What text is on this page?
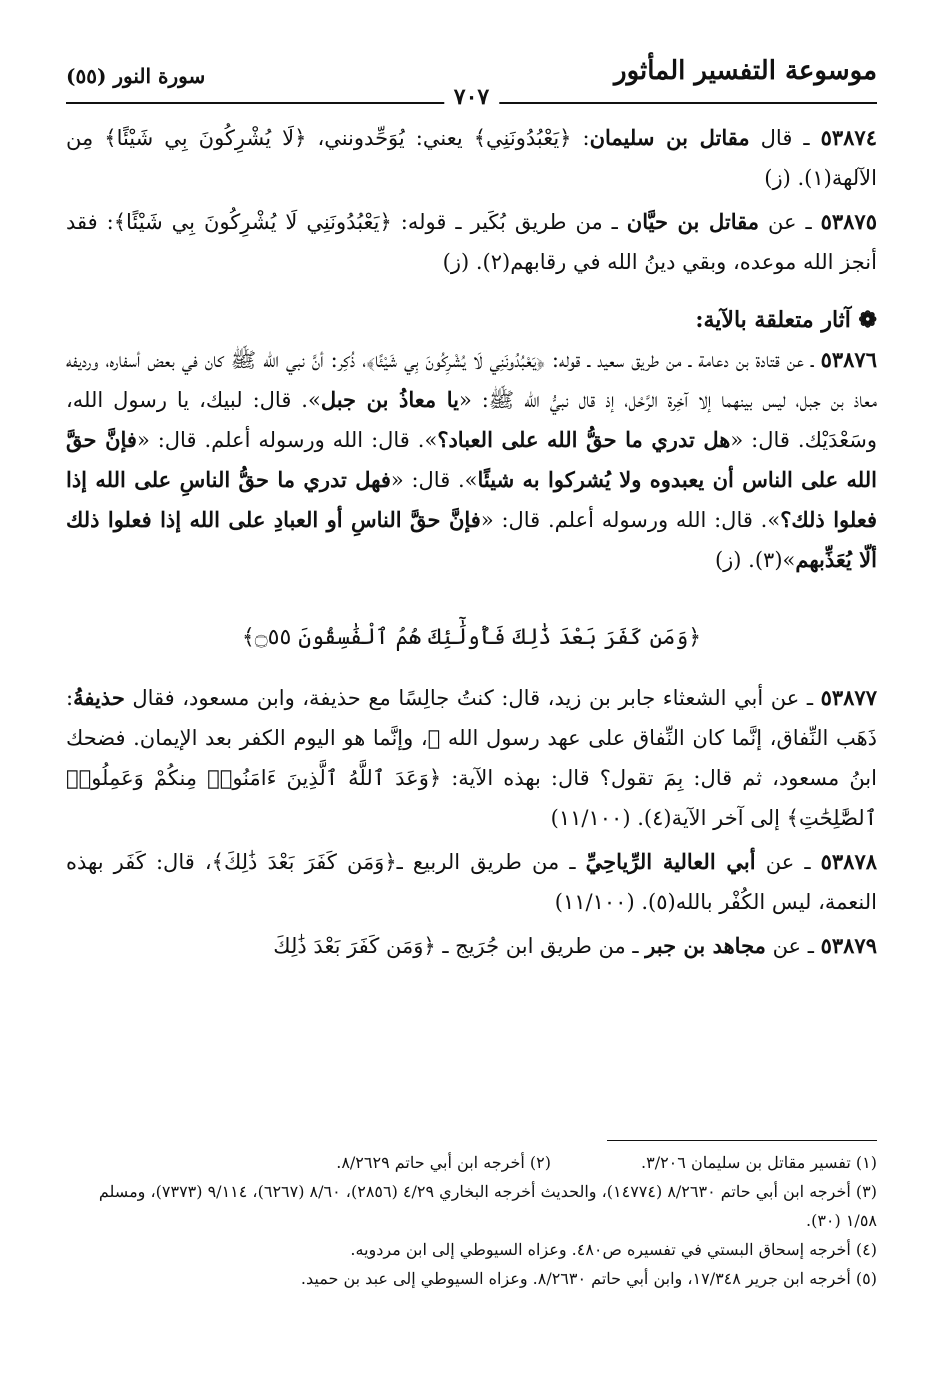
موسوعة التفسير المأثور
سورة النور (٥٥)
٧٠٧

٥٣٨٧٤ ـ قال مقاتل بن سليمان: ﴿يَعْبُدُونَنِي﴾ يعني: يُوَحِّدونني، ﴿لَا يُشْرِكُونَ بِي شَيْئًا﴾ مِن الآلهة(١). (ز)

٥٣٨٧٥ ـ عن مقاتل بن حيَّان ـ من طريق بُكَير ـ قوله: ﴿يَعْبُدُونَنِي لَا يُشْرِكُونَ بِي شَيْئًا﴾: فقد أنجز الله موعده، وبقي دينُ الله في رقابهم(٢). (ز)

❁ آثار متعلقة بالآية:

٥٣٨٧٦ ـ عن قتادة بن دعامة ـ من طريق سعيد ـ قوله: ﴿يَعْبُدُونَنِي لَا يُشْرِكُونَ بِي شَيْئًا﴾، ذُكِر: أنَّ نبي الله ﷺ كان في بعض أسفاره، ورديفه معاذ بن جبل، ليس بينهما إلا آخِرة الرَّحْل، إذ قال نبيُّ الله ﷺ: «يا معاذُ بن جبل». قال: لبيك، يا رسول الله، وسَعْدَيْك. قال: «هل تدري ما حقُّ الله على العباد؟». قال: الله ورسوله أعلم. قال: «فإنَّ حقَّ الله على الناس أن يعبدوه ولا يُشركوا به شيئًا». قال: «فهل تدري ما حقُّ الناسِ على الله إذا فعلوا ذلك؟». قال: الله ورسوله أعلم. قال: «فإنَّ حقَّ الناسِ أو العبادِ على الله إذا فعلوا ذلك ألّا يُعَذِّبهم»(٣). (ز)

﴿وَمَن كَفَرَ بَعْدَ ذَٰلِكَ فَأُولَٰٓئِكَ هُمُ ٱلْفَٰسِقُونَ ۝٥٥﴾

٥٣٨٧٧ ـ عن أبي الشعثاء جابر بن زيد، قال: كنتُ جالِسًا مع حذيفة، وابن مسعود، فقال حذيفةُ: ذَهَب النِّفاق، إنَّما كان النِّفاق على عهد رسول الله ﷺ، وإنَّما هو اليوم الكفر بعد الإيمان. فضحك ابنُ مسعود، ثم قال: بِمَ تقول؟ قال: بهذه الآية: ﴿وَعَدَ ٱللَّهُ ٱلَّذِينَ ءَامَنُوا۟ مِنكُمْ وَعَمِلُوا۟ ٱلصَّٰلِحَٰتِ﴾ إلى آخر الآية(٤). (١١/١٠٠)

٥٣٨٧٨ ـ عن أبي العالية الرِّياحِيِّ ـ من طريق الربيع ـ﴿وَمَن كَفَرَ بَعْدَ ذَٰلِكَ﴾، قال: كَفَر بهذه النعمة، ليس الكُفْر بالله(٥). (١١/١٠٠)

٥٣٨٧٩ ـ عن مجاهد بن جبر ـ من طريق ابن جُرَيج ـ ﴿وَمَن كَفَرَ بَعْدَ ذَٰلِكَ

(١) تفسير مقاتل بن سليمان ٣/٢٠٦.

(٢) أخرجه ابن أبي حاتم ٨/٢٦٢٩.

(٣) أخرجه ابن أبي حاتم ٨/٢٦٣٠ (١٤٧٧٤)، والحديث أخرجه البخاري ٤/٢٩ (٢٨٥٦)، ٨/٦٠ (٦٢٦٧)، ٩/١١٤ (٧٣٧٣)، ومسلم ١/٥٨ (٣٠).

(٤) أخرجه إسحاق البستي في تفسيره ص٤٨٠. وعزاه السيوطي إلى ابن مردويه.

(٥) أخرجه ابن جرير ١٧/٣٤٨، وابن أبي حاتم ٨/٢٦٣٠. وعزاه السيوطي إلى عبد بن حميد.
